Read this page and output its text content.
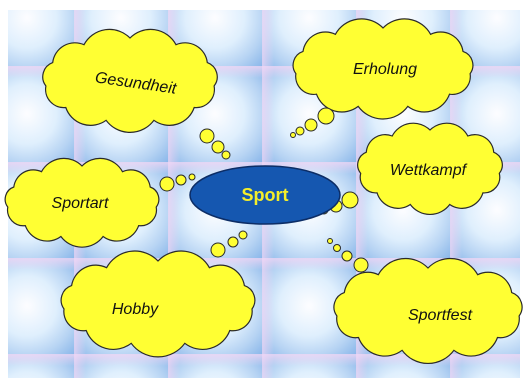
Gesundheit	Erholung
Wettkampf
Sportart
Hobby	Sportfest
Sport
